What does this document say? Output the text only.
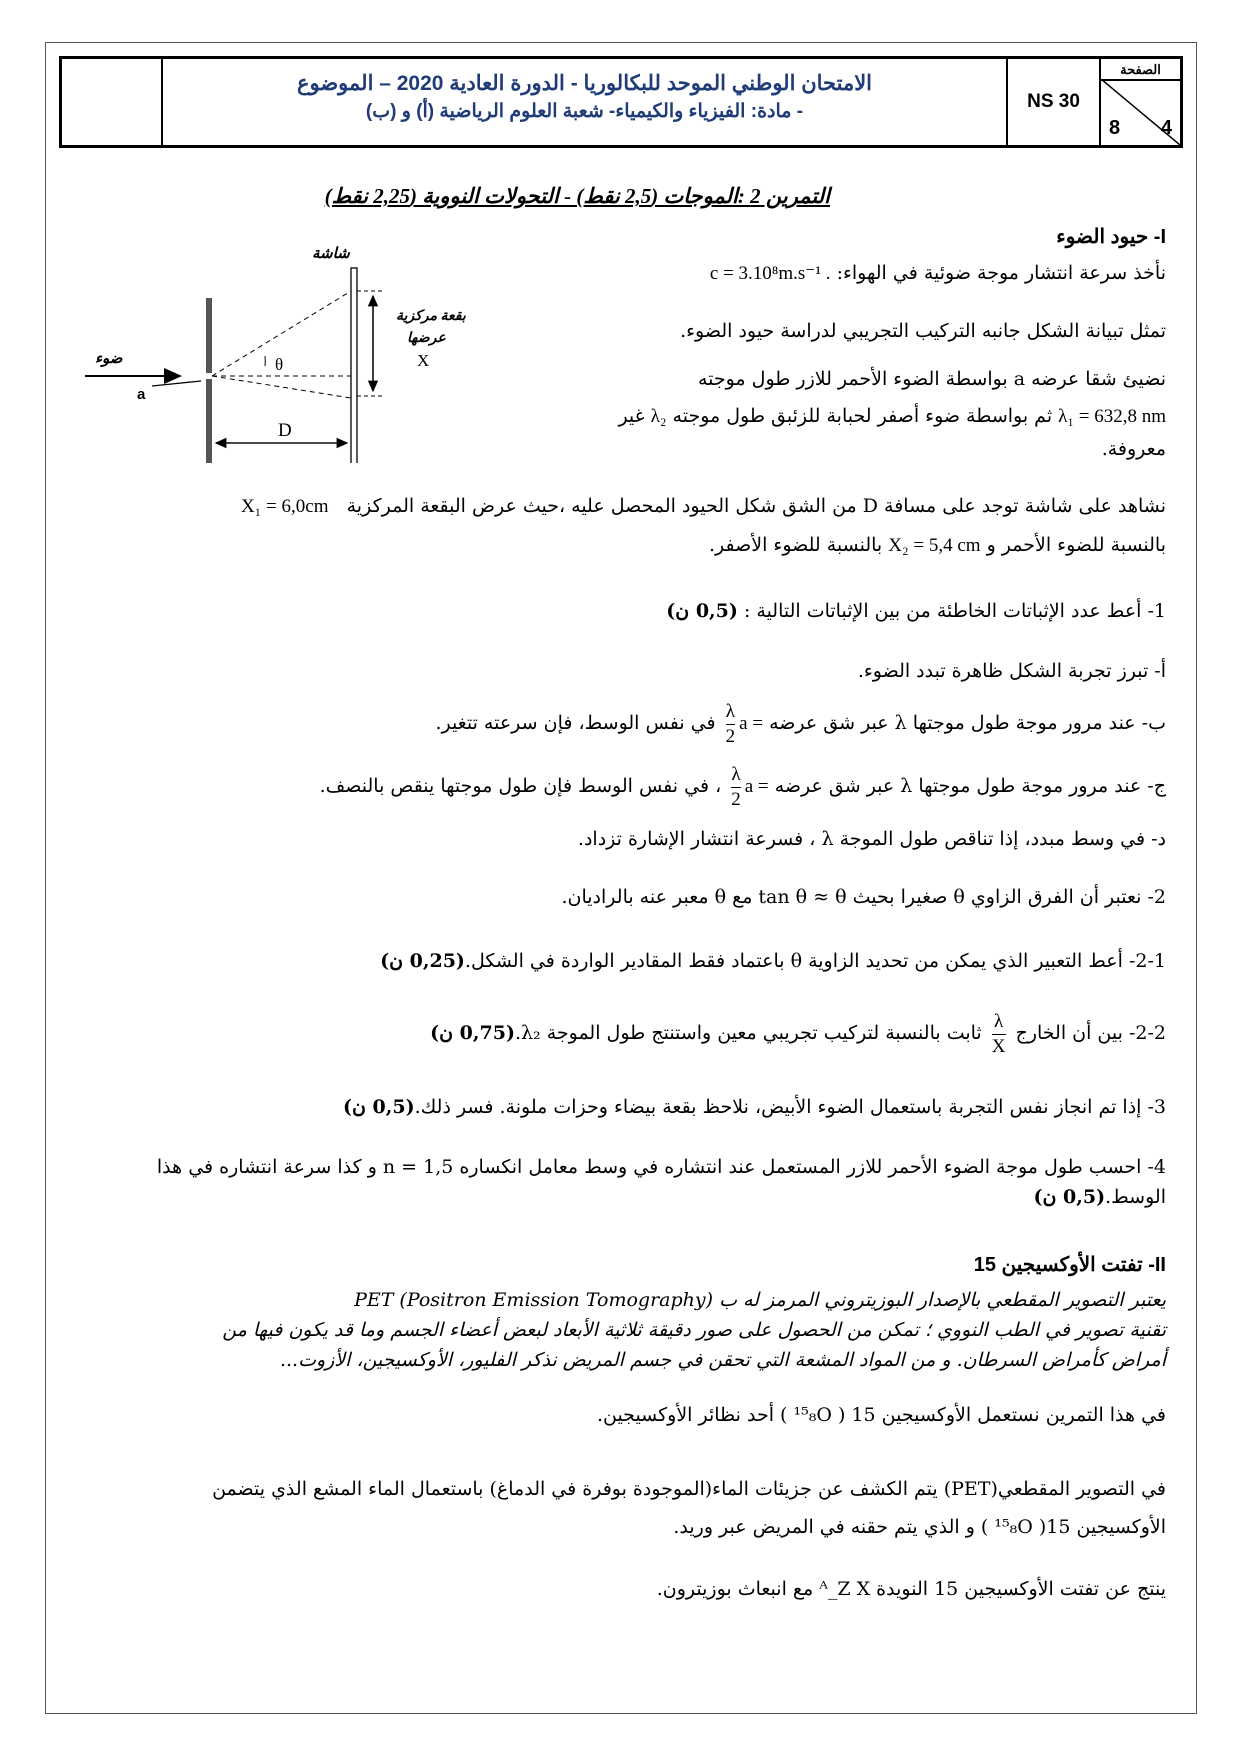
الامتحان الوطني الموحد للبكالوريا - الدورة العادية 2020 – الموضوع
- مادة: الفيزياء والكيمياء- شعبة العلوم الرياضية (أ) و (ب)	NS 30
الصفحة
4
8
التمرين 2 :الموجات (2,5 نقط) - التحولات النووية (2,25 نقط)
I- حيود الضوء
نأخذ سرعة انتشار موجة ضوئية في الهواء: c = 3.10⁸m.s⁻¹ .
تمثل تبيانة الشكل جانبه التركيب التجريبي لدراسة حيود الضوء.
نضيئ شقا عرضه a بواسطة الضوء الأحمر للازر طول موجته
λ₁ = 632,8 nm ثم بواسطة ضوء أصفر لحبابة للزئبق طول موجته λ₂ غير
معروفة.
نشاهد على شاشة توجد على مسافة D من الشق شكل الحيود المحصل عليه ،حيث عرض البقعة المركزية   X₁ = 6,0cm
بالنسبة للضوء الأحمر و X₂ = 5,4 cm بالنسبة للضوء الأصفر.
θ
D
a
شاشة
ضوء
بقعة مركزية
عرضها
X
1- أعط عدد الإثباتات الخاطئة من بين الإثباتات التالية : (0,5 ن)
أ- تبرز تجربة الشكل ظاهرة تبدد الضوء.
ب- عند مرور موجة طول موجتها λ عبر شق عرضه a =
$\frac{\lambda}{2}$
في نفس الوسط، فإن سرعته تتغير.
ج- عند مرور موجة طول موجتها λ عبر شق عرضه a =
$\frac{\lambda}{2}$
، في نفس الوسط فإن طول موجتها ينقص بالنصف.
د- في وسط مبدد، إذا تناقص طول الموجة λ ، فسرعة انتشار الإشارة تزداد.
2- نعتبر أن الفرق الزاوي θ صغيرا بحيث tan θ ≈ θ مع θ معبر عنه بالراديان.
2-1- أعط التعبير الذي يمكن من تحديد الزاوية θ باعتماد فقط المقادير الواردة في الشكل.(0,25 ن)
2-2- بين أن الخارج
$\frac{\lambda}{X}$
ثابت بالنسبة لتركيب تجريبي معين واستنتج طول الموجة λ₂.(0,75 ن)
3- إذا تم انجاز نفس التجربة باستعمال الضوء الأبيض، نلاحظ بقعة بيضاء وحزات ملونة. فسر ذلك.(0,5 ن)
4- احسب طول موجة الضوء الأحمر للازر المستعمل عند انتشاره في وسط معامل انكساره n = 1,5 و كذا سرعة انتشاره في هذا
الوسط.(0,5 ن)
II- تفتت الأوكسيجين 15
يعتبر التصوير المقطعي بالإصدار البوزيتروني المرمز له ب PET (Positron Emission Tomography)
تقنية تصوير في الطب النووي ؛ تمكن من الحصول على صور دقيقة ثلاثية الأبعاد لبعض أعضاء الجسم وما قد يكون فيها من
أمراض كأمراض السرطان. و من المواد المشعة التي تحقن في جسم المريض نذكر الفليور، الأوكسيجين، الأزوت...
في هذا التمرين نستعمل الأوكسيجين 15 ( ¹⁵₈O ) أحد نظائر الأوكسيجين.
في التصوير المقطعي(PET) يتم الكشف عن جزيئات الماء(الموجودة بوفرة في الدماغ) باستعمال الماء المشع الذي يتضمن
الأوكسيجين 15( ¹⁵₈O ) و الذي يتم حقنه في المريض عبر وريد.
ينتج عن تفتت الأوكسيجين 15 النويدة ᴬ_Z X مع انبعاث بوزيترون.
